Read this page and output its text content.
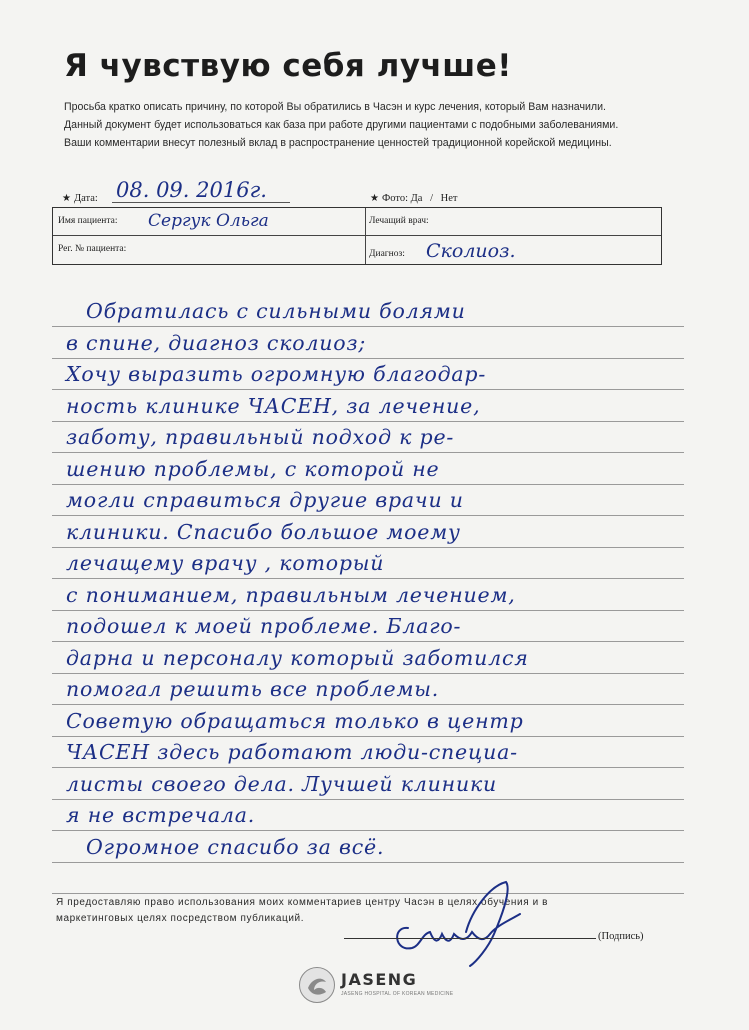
Я чувствую себя лучше!
Просьба кратко описать причину, по которой Вы обратились в Часэн и курс лечения, который Вам назначили.
Данный документ будет использоваться как база при работе другими пациентами с подобными заболеваниями.
Ваши комментарии внесут полезный вклад в распространение ценностей традиционной корейской медицины.
★ Дата: 08. 09. 2016г.	★ Фото: Да / Нет
Имя пациента: Сергук Ольга	Лечащий врач:
Рег. № пациента:	Диагноз: Сколиоз.
Обратилась с сильными болями
в спине, диагноз сколиоз;
Хочу выразить огромную благодар-
ность клинике ЧАСЕН, за лечение,
заботу, правильный подход к ре-
шению проблемы, с которой не
могли справиться другие врачи и
клиники. Спасибо большое моему
лечащему врачу , который
с пониманием, правильным лечением,
подошел к моей проблеме. Благо-
дарна и персоналу который заботился
помогал решить все проблемы.
Советую обращаться только в центр
ЧАСЕН здесь работают люди-специа-
листы своего дела. Лучшей клиники
я не встречала.
Огромное спасибо за всё.
Я предоставляю право использования моих комментариев центру Часэн в целях обучения и в
маркетинговых целях посредством публикаций.
(Подпись)
JASENG
JASENG HOSPITAL OF KOREAN MEDICINE
